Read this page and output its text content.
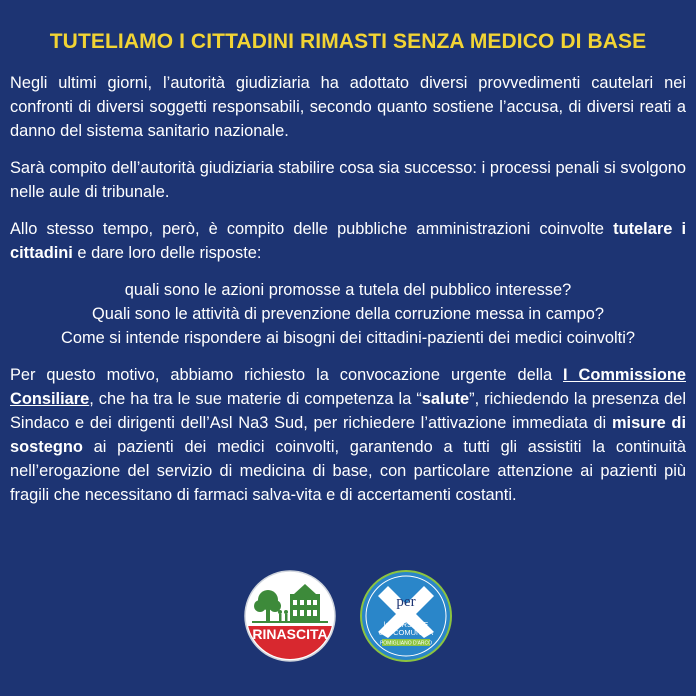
TUTELIAMO I CITTADINI RIMASTI SENZA MEDICO DI BASE

Negli ultimi giorni, l’autorità giudiziaria ha adottato diversi provvedimenti cautelari nei confronti di diversi soggetti responsabili, secondo quanto sostiene l’accusa, di diversi reati a danno del sistema sanitario nazionale.

Sarà compito dell’autorità giudiziaria stabilire cosa sia successo: i processi penali si svolgono nelle aule di tribunale.

Allo stesso tempo, però, è compito delle pubbliche amministrazioni coinvolte tutelare i cittadini e dare loro delle risposte:

quali sono le azioni promosse a tutela del pubblico interesse?
Quali sono le attività di prevenzione della corruzione messa in campo?
Come si intende rispondere ai bisogni dei cittadini-pazienti dei medici coinvolti?

Per questo motivo, abbiamo richiesto la convocazione urgente della I Commissione Consiliare, che ha tra le sue materie di competenza la “salute”, richiedendo la presenza del Sindaco e dei dirigenti dell’Asl Na3 Sud, per richiedere l’attivazione immediata di misure di sostegno ai pazienti dei medici coinvolti, garantendo a tutti gli assistiti la continuità nell’erogazione del servizio di medicina di base, con particolare attenzione ai pazienti più fragili che necessitano di farmaci salva-vita e di accertamenti costanti.

RINASCITA
per
le PERSONE
e le COMUNITÀ
POMIGLIANO D'ARCO
